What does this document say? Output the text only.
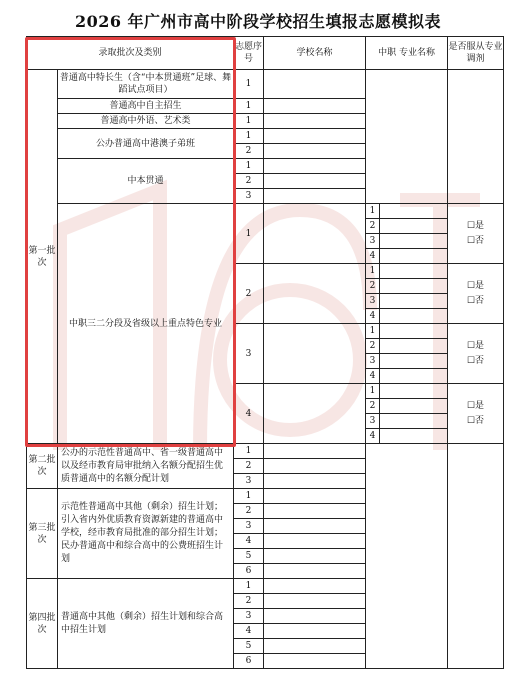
2026 年广州市高中阶段学校招生填报志愿模拟表
录取批次及类别		志愿序号	学校名称	中职 专业名称		是否服从专业调剂
第一批次	普通高中特长生（含“中本贯通班”足球、舞蹈试点项目）	1				
	普通高中自主招生	1				
	普通高中外语、艺术类	1				
	公办普通高中港澳子弟班	1				
		2				
	中本贯通	1				
		2				
		3				
	中职三二分段及省级以上重点特色专业	1		1		☐是
☐否
				2		
				3		
				4		
		2		1		☐是
☐否
				2		
				3		
				4		
		3		1		☐是
☐否
				2		
				3		
				4		
		4		1		☐是
☐否
				2		
				3		
				4		
第二批次	公办的示范性普通高中、省一级普通高中以及经市教育局审批纳入名额分配招生优质普通高中的名额分配计划	1				
		2				
		3				
第三批次	示范性普通高中其他（剩余）招生计划；引入省内外优质教育资源新建的普通高中学校，经市教育局批准的部分招生计划；民办普通高中和综合高中的公费班招生计划	1				
		2				
		3				
		4				
		5				
		6				
第四批次	普通高中其他（剩余）招生计划和综合高中招生计划	1				
		2				
		3				
		4				
		5				
		6				
